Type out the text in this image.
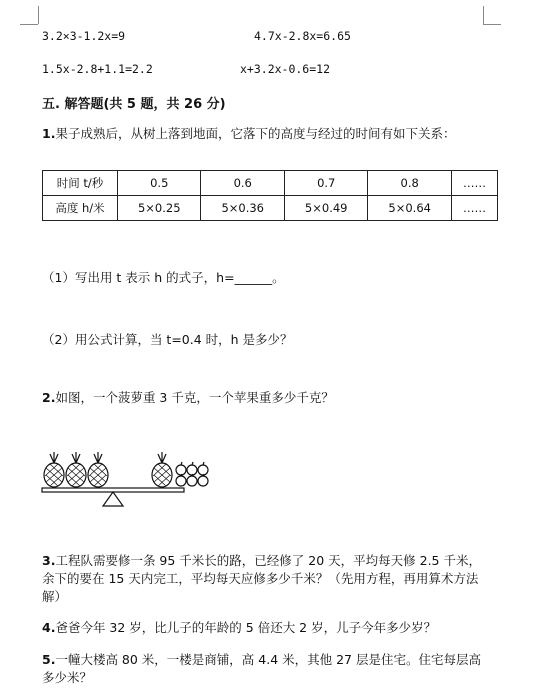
3.2×3-1.2x=9	4.7x-2.8x=6.65
1.5x-2.8+1.1=2.2	x+3.2x-0.6=12
五. 解答题(共 5 题，共 26 分)
1.果子成熟后，从树上落到地面，它落下的高度与经过的时间有如下关系：
时间 t/秒	0.5	0.6	0.7	0.8	……
高度 h/米	5×0.25	5×0.36	5×0.49	5×0.64	……
（1）写出用 t 表示 h 的式子，h=______。
（2）用公式计算，当 t=0.4 时，h 是多少？
2.如图，一个菠萝重 3 千克，一个苹果重多少千克？
3.工程队需要修一条 95 千米长的路，已经修了 20 天，平均每天修 2.5 千米，
余下的要在 15 天内完工，平均每天应修多少千米？（先用方程，再用算术方法
解）
4.爸爸今年 32 岁，比儿子的年龄的 5 倍还大 2 岁，儿子今年多少岁？
5.一幢大楼高 80 米，一楼是商铺，高 4.4 米，其他 27 层是住宅。住宅每层高
多少米？
